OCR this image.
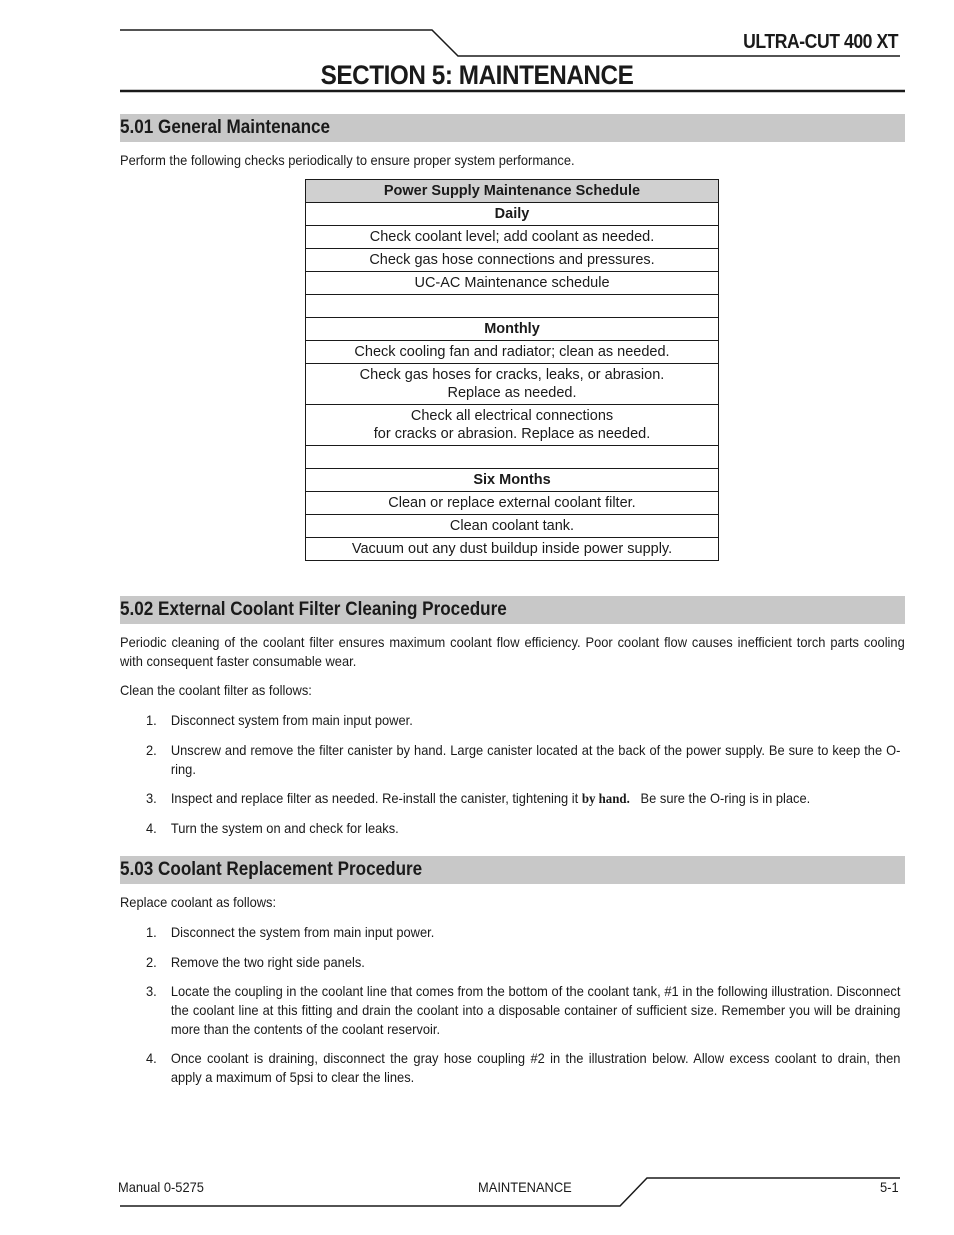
ULTRA-CUT 400 XT
SECTION 5: MAINTENANCE
5.01 General Maintenance
Perform the following checks periodically to ensure proper system performance.
Power Supply Maintenance Schedule
Daily
Check coolant level; add coolant as needed.
Check gas hose connections and pressures.
UC-AC Maintenance schedule

Monthly
Check cooling fan and radiator; clean as needed.
Check gas hoses for cracks, leaks, or abrasion.
Replace as needed.
Check all electrical connections
for cracks or abrasion. Replace as needed.

Six Months
Clean or replace external coolant filter.
Clean coolant tank.
Vacuum out any dust buildup inside power supply.
5.02 External Coolant Filter Cleaning Procedure
Periodic cleaning of the coolant filter ensures maximum coolant flow efficiency. Poor coolant flow causes inefficient torch parts cooling with consequent faster consumable wear.
Clean the coolant filter as follows:
1. Disconnect system from main input power.
2. Unscrew and remove the filter canister by hand. Large canister located at the back of the power supply. Be sure to keep the O-ring.
3. Inspect and replace filter as needed. Re-install the canister, tightening it by hand.   Be sure the O-ring is in place.
4. Turn the system on and check for leaks.
5.03 Coolant Replacement Procedure
Replace coolant as follows:
1. Disconnect the system from main input power.
2. Remove the two right side panels.
3. Locate the coupling in the coolant line that comes from the bottom of the coolant tank, #1 in the following illustration. Disconnect the coolant line at this fitting and drain the coolant into a disposable container of sufficient size. Remember you will be draining more than the contents of the coolant reservoir.
4. Once coolant is draining, disconnect the gray hose coupling #2 in the illustration below. Allow excess coolant to drain, then apply a maximum of 5psi to clear the lines.
Manual 0-5275	MAINTENANCE	5-1
